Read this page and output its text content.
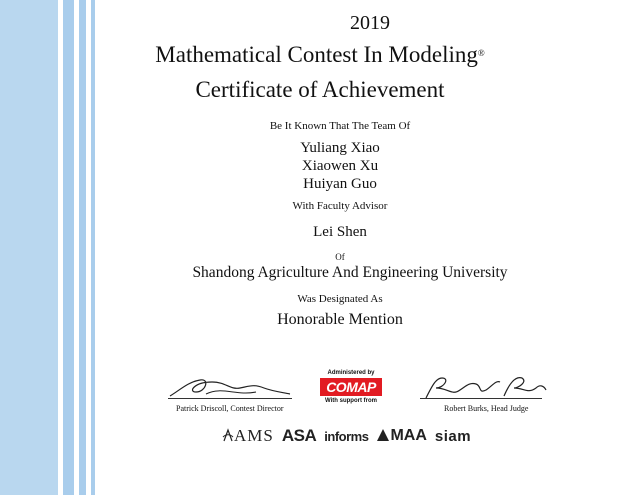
2019
Mathematical Contest In Modeling®
Certificate of Achievement
Be It Known That The Team Of
Yuliang Xiao
Xiaowen Xu
Huiyan Guo
With Faculty Advisor
Lei Shen
Of
Shandong Agriculture And Engineering University
Was Designated As
Honorable Mention
Patrick Driscoll, Contest Director
Administered by
COMAP
With support from
Robert Burks, Head Judge
AMS ASA informs	MAA siam
